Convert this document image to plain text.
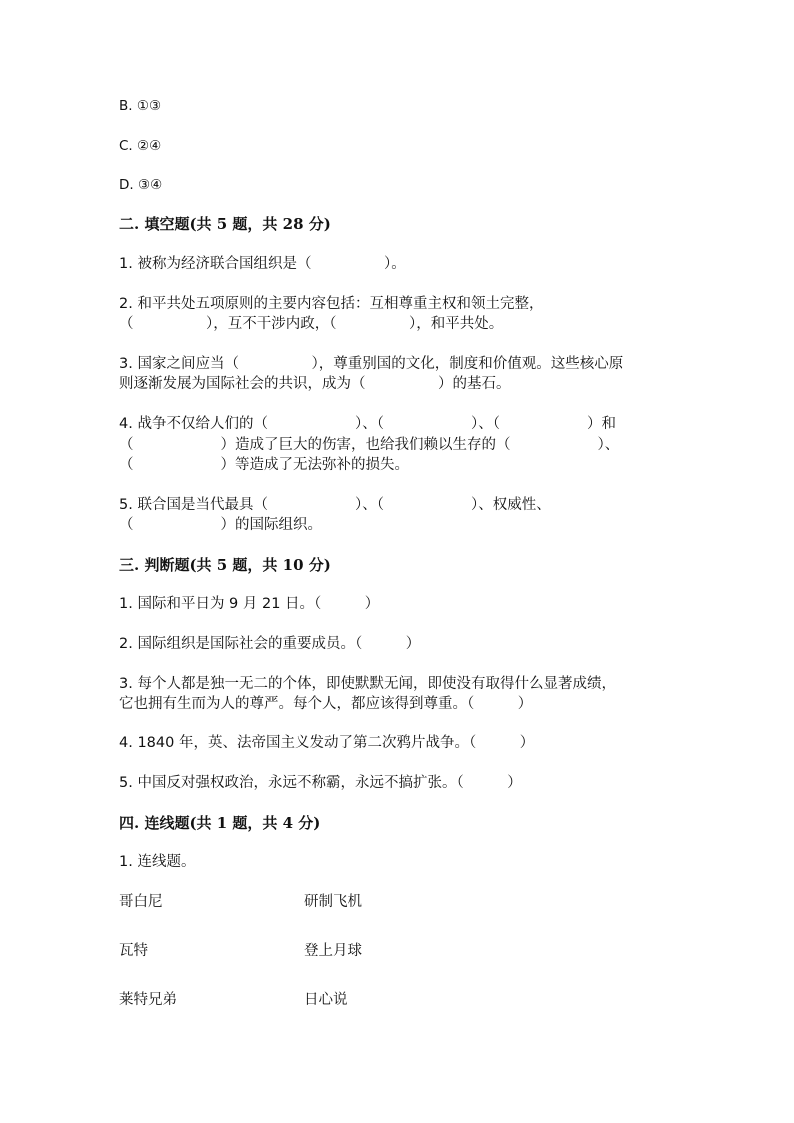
B. ①③
C. ②④
D. ③④
二. 填空题(共 5 题，共 28 分)
1. 被称为经济联合国组织是（　　　　　）。
2. 和平共处五项原则的主要内容包括：互相尊重主权和领土完整，
（　　　　　），互不干涉内政，（　　　　　），和平共处。
3. 国家之间应当（　　　　　），尊重别国的文化，制度和价值观。这些核心原
则逐渐发展为国际社会的共识，成为（　　　　　）的基石。
4. 战争不仅给人们的（　　　　　　）、（　　　　　　）、（　　　　　　）和
（　　　　　　）造成了巨大的伤害，也给我们赖以生存的（　　　　　　）、
（　　　　　　）等造成了无法弥补的损失。
5. 联合国是当代最具（　　　　　　）、（　　　　　　）、权威性、
（　　　　　　）的国际组织。
三. 判断题(共 5 题，共 10 分)
1. 国际和平日为 9 月 21 日。（　　　）
2. 国际组织是国际社会的重要成员。（　　　）
3. 每个人都是独一无二的个体，即使默默无闻，即使没有取得什么显著成绩，
它也拥有生而为人的尊严。每个人，都应该得到尊重。（　　　）
4. 1840 年，英、法帝国主义发动了第二次鸦片战争。（　　　）
5. 中国反对强权政治，永远不称霸，永远不搞扩张。（　　　）
四. 连线题(共 1 题，共 4 分)
1. 连线题。
哥白尼	研制飞机
瓦特	登上月球
莱特兄弟	日心说
